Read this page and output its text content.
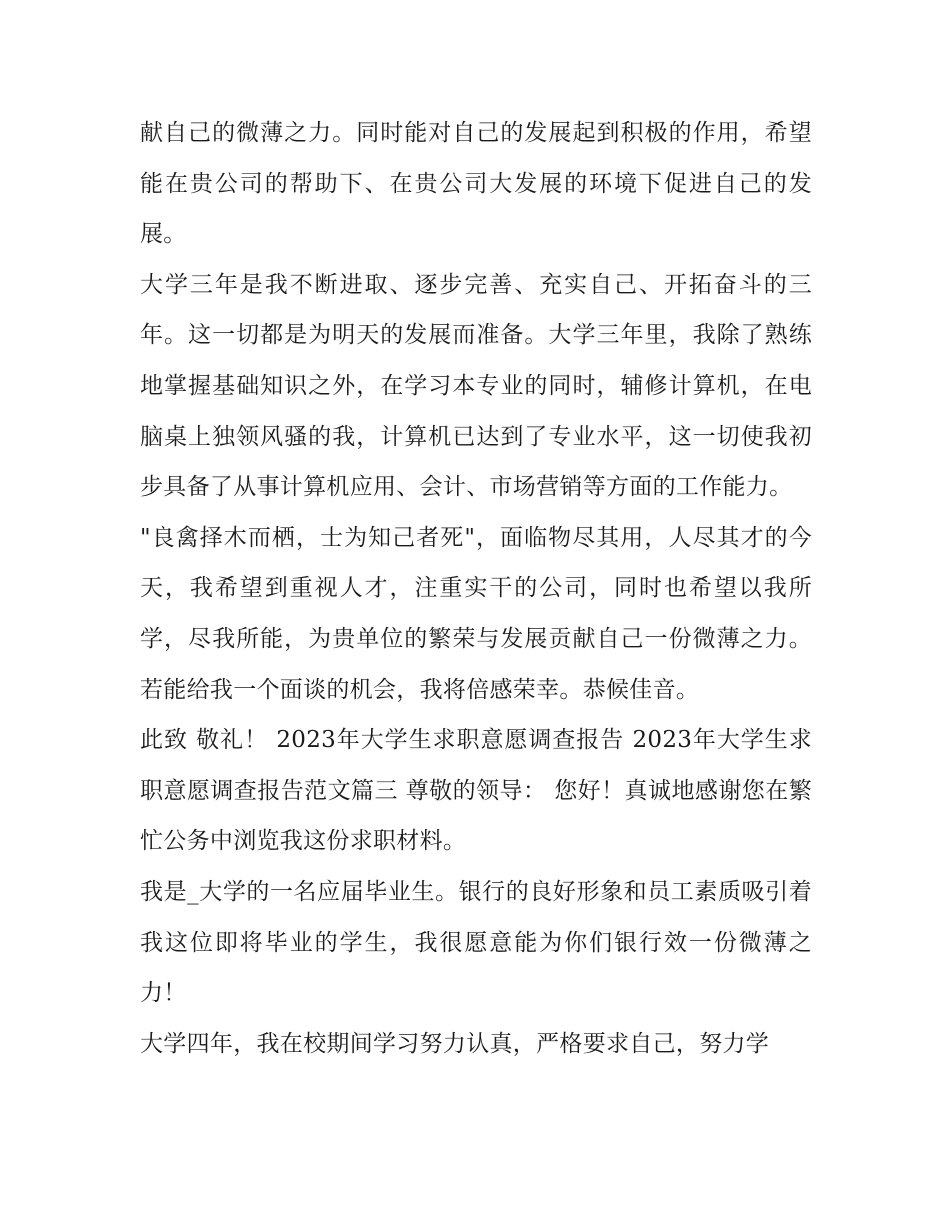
献自己的微薄之力。同时能对自己的发展起到积极的作用，希望能在贵公司的帮助下、在贵公司大发展的环境下促进自己的发展。

大学三年是我不断进取、逐步完善、充实自己、开拓奋斗的三年。这一切都是为明天的发展而准备。大学三年里，我除了熟练地掌握基础知识之外，在学习本专业的同时，辅修计算机，在电脑桌上独领风骚的我，计算机已达到了专业水平，这一切使我初步具备了从事计算机应用、会计、市场营销等方面的工作能力。

"良禽择木而栖，士为知己者死"，面临物尽其用，人尽其才的今天，我希望到重视人才，注重实干的公司，同时也希望以我所学，尽我所能，为贵单位的繁荣与发展贡献自己一份微薄之力。若能给我一个面谈的机会，我将倍感荣幸。恭候佳音。

此致 敬礼！ 2023年大学生求职意愿调查报告 2023年大学生求职意愿调查报告范文篇三 尊敬的领导： 您好！真诚地感谢您在繁忙公务中浏览我这份求职材料。

我是_大学的一名应届毕业生。银行的良好形象和员工素质吸引着我这位即将毕业的学生，我很愿意能为你们银行效一份微薄之力！

大学四年，我在校期间学习努力认真，严格要求自己，努力学
